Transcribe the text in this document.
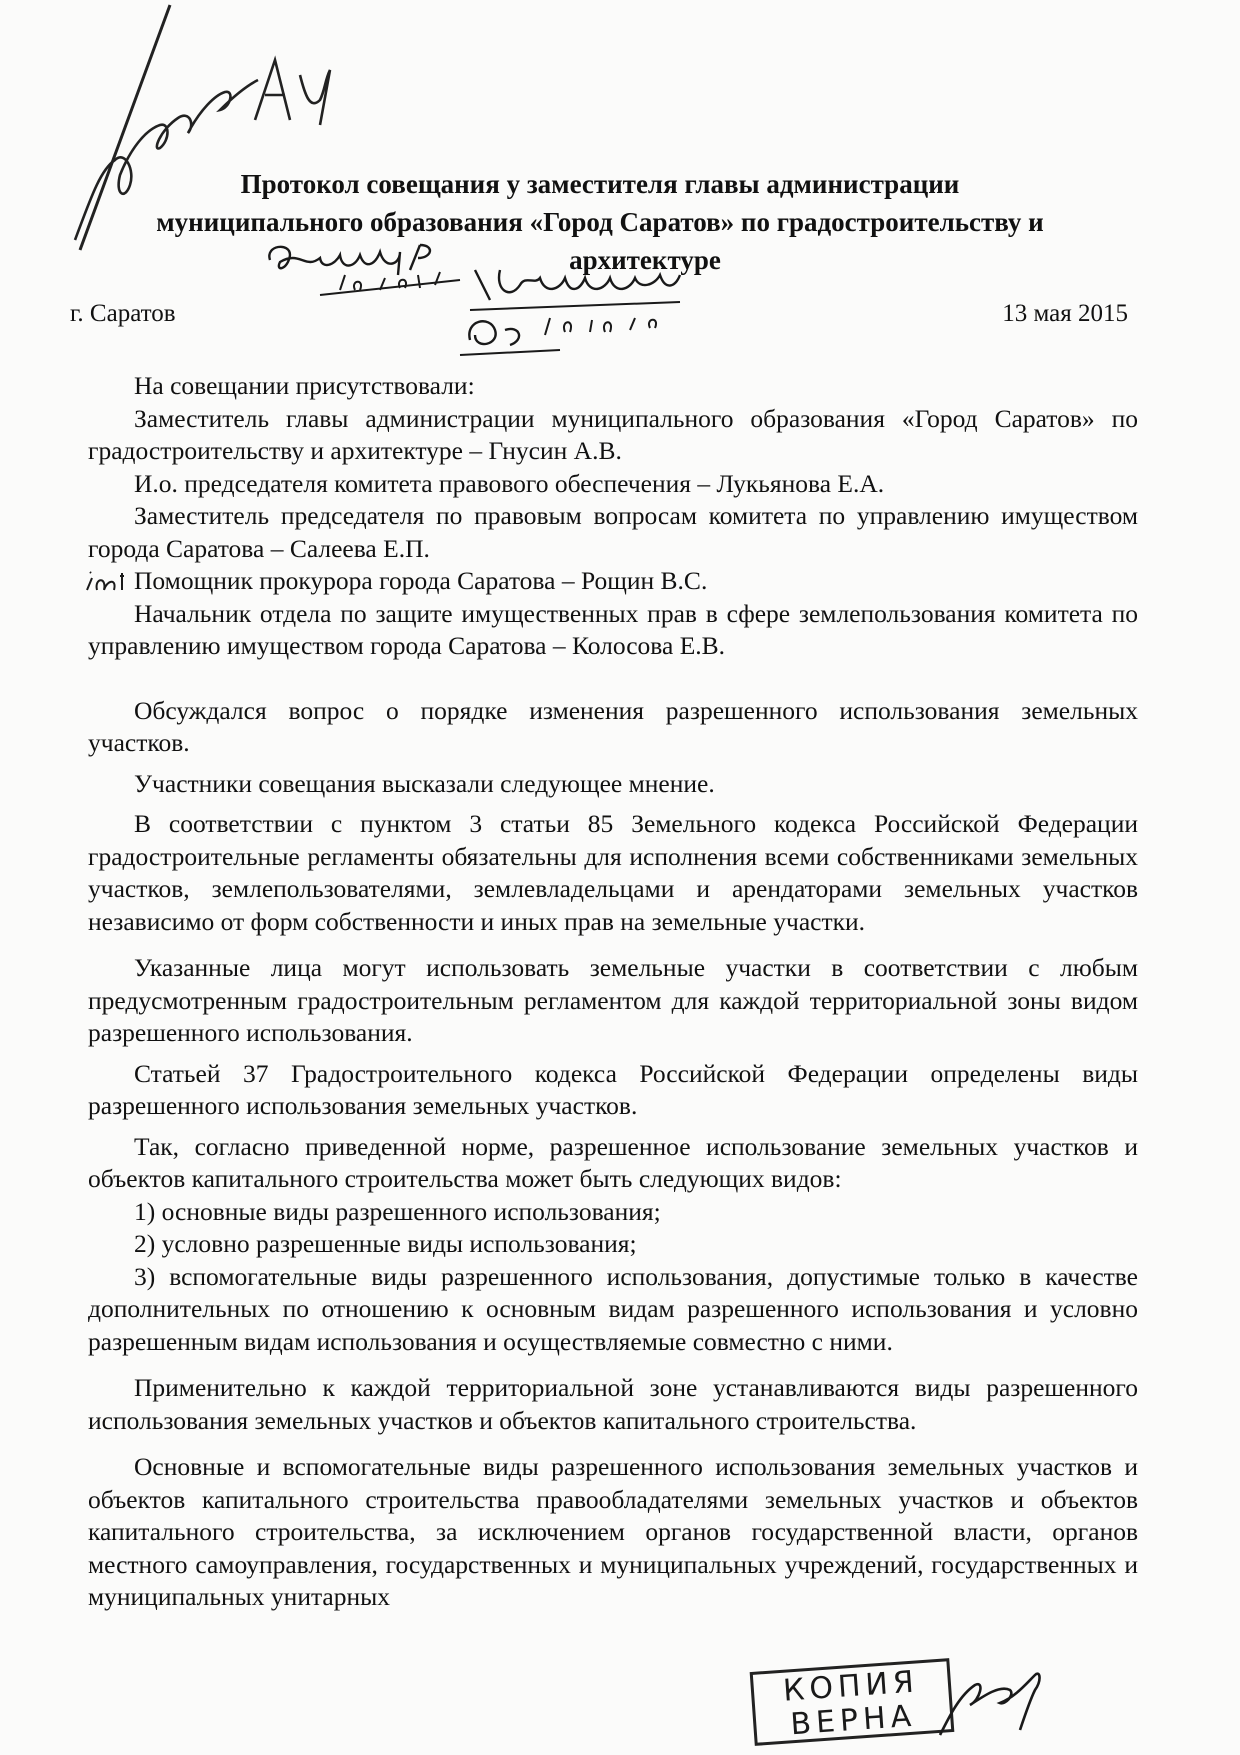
Протокол совещания у заместителя главы администрации
муниципального образования «Город Саратов» по градостроительству и
архитектуре
г. Саратов	13 мая 2015

На совещании присутствовали:

Заместитель главы администрации муниципального образования «Город Саратов» по градостроительству и архитектуре – Гнусин А.В.

И.о. председателя комитета правового обеспечения – Лукьянова Е.А.

Заместитель председателя по правовым вопросам комитета по управлению имуществом города Саратова – Салеева Е.П.

Помощник прокурора города Саратова – Рощин В.С.

Начальник отдела по защите имущественных прав в сфере землепользования комитета по управлению имуществом города Саратова – Колосова Е.В.

Обсуждался вопрос о порядке изменения разрешенного использования земельных участков.

Участники совещания высказали следующее мнение.

В соответствии с пунктом 3 статьи 85 Земельного кодекса Российской Федерации градостроительные регламенты обязательны для исполнения всеми собственниками земельных участков, землепользователями, землевладельцами и арендаторами земельных участков независимо от форм собственности и иных прав на земельные участки.

Указанные лица могут использовать земельные участки в соответствии с любым предусмотренным градостроительным регламентом для каждой территориальной зоны видом разрешенного использования.

Статьей 37 Градостроительного кодекса Российской Федерации определены виды разрешенного использования земельных участков.

Так, согласно приведенной норме, разрешенное использование земельных участков и объектов капитального строительства может быть следующих видов:

1) основные виды разрешенного использования;

2) условно разрешенные виды использования;

3) вспомогательные виды разрешенного использования, допустимые только в качестве дополнительных по отношению к основным видам разрешенного использования и условно разрешенным видам использования и осуществляемые совместно с ними.

Применительно к каждой территориальной зоне устанавливаются виды разрешенного использования земельных участков и объектов капитального строительства.

Основные и вспомогательные виды разрешенного использования земельных участков и объектов капитального строительства правообладателями земельных участков и объектов капитального строительства, за исключением органов государственной власти, органов местного самоуправления, государственных и муниципальных учреждений, государственных и муниципальных унитарных

КОПИЯ
ВЕРНА
